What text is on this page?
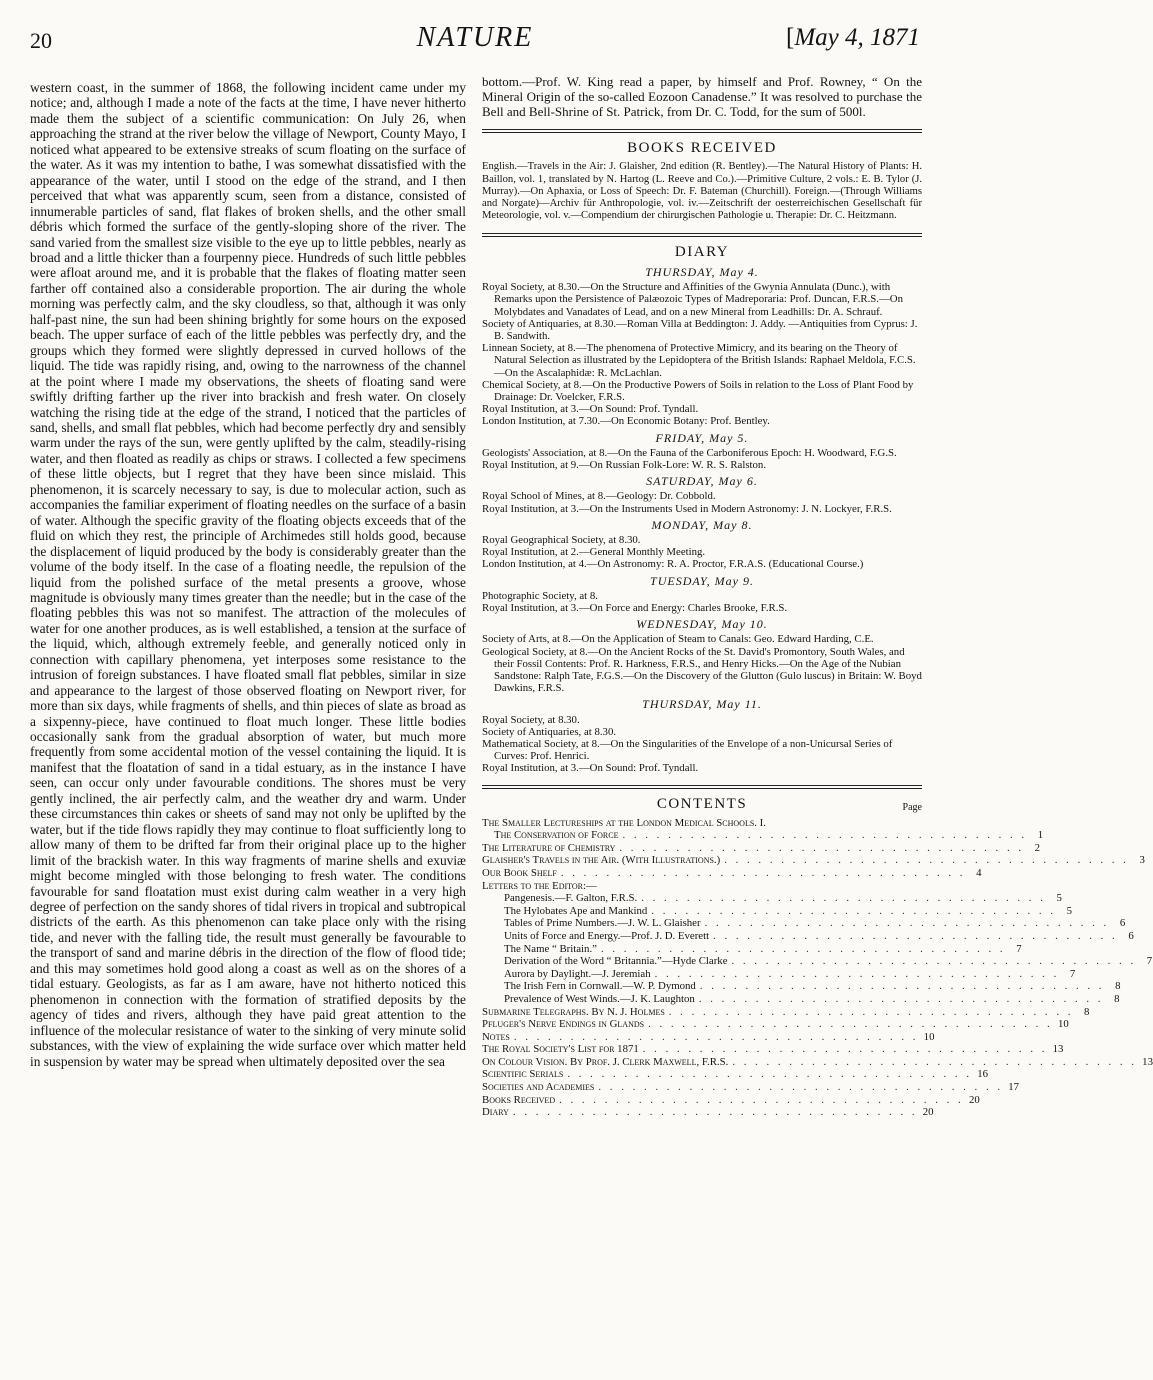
20	NATURE	[May 4, 1871

western coast, in the summer of 1868, the following incident came under my notice; and, although I made a note of the facts at the time, I have never hitherto made them the subject of a scientific communication: On July 26, when approaching the strand at the river below the village of Newport, County Mayo, I noticed what appeared to be extensive streaks of scum floating on the surface of the water. As it was my intention to bathe, I was somewhat dissatisfied with the appearance of the water, until I stood on the edge of the strand, and I then perceived that what was apparently scum, seen from a distance, consisted of innumerable particles of sand, flat flakes of broken shells, and the other small débris which formed the surface of the gently-sloping shore of the river. The sand varied from the smallest size visible to the eye up to little pebbles, nearly as broad and a little thicker than a fourpenny piece. Hundreds of such little pebbles were afloat around me, and it is probable that the flakes of floating matter seen farther off contained also a considerable proportion. The air during the whole morning was perfectly calm, and the sky cloudless, so that, although it was only half-past nine, the sun had been shining brightly for some hours on the exposed beach. The upper surface of each of the little pebbles was perfectly dry, and the groups which they formed were slightly depressed in curved hollows of the liquid. The tide was rapidly rising, and, owing to the narrowness of the channel at the point where I made my observations, the sheets of floating sand were swiftly drifting farther up the river into brackish and fresh water. On closely watching the rising tide at the edge of the strand, I noticed that the particles of sand, shells, and small flat pebbles, which had become perfectly dry and sensibly warm under the rays of the sun, were gently uplifted by the calm, steadily-rising water, and then floated as readily as chips or straws. I collected a few specimens of these little objects, but I regret that they have been since mislaid. This phenomenon, it is scarcely necessary to say, is due to molecular action, such as accompanies the familiar experiment of floating needles on the surface of a basin of water. Although the specific gravity of the floating objects exceeds that of the fluid on which they rest, the principle of Archimedes still holds good, because the displacement of liquid produced by the body is considerably greater than the volume of the body itself. In the case of a floating needle, the repulsion of the liquid from the polished surface of the metal presents a groove, whose magnitude is obviously many times greater than the needle; but in the case of the floating pebbles this was not so manifest. The attraction of the molecules of water for one another produces, as is well established, a tension at the surface of the liquid, which, although extremely feeble, and generally noticed only in connection with capillary phenomena, yet interposes some resistance to the intrusion of foreign substances. I have floated small flat pebbles, similar in size and appearance to the largest of those observed floating on Newport river, for more than six days, while fragments of shells, and thin pieces of slate as broad as a sixpenny-piece, have continued to float much longer. These little bodies occasionally sank from the gradual absorption of water, but much more frequently from some accidental motion of the vessel containing the liquid. It is manifest that the floatation of sand in a tidal estuary, as in the instance I have seen, can occur only under favourable conditions. The shores must be very gently inclined, the air perfectly calm, and the weather dry and warm. Under these circumstances thin cakes or sheets of sand may not only be uplifted by the water, but if the tide flows rapidly they may continue to float sufficiently long to allow many of them to be drifted far from their original place up to the higher limit of the brackish water. In this way fragments of marine shells and exuviæ might become mingled with those belonging to fresh water. The conditions favourable for sand floatation must exist during calm weather in a very high degree of perfection on the sandy shores of tidal rivers in tropical and subtropical districts of the earth. As this phenomenon can take place only with the rising tide, and never with the falling tide, the result must generally be favourable to the transport of sand and marine débris in the direction of the flow of flood tide; and this may sometimes hold good along a coast as well as on the shores of a tidal estuary. Geologists, as far as I am aware, have not hitherto noticed this phenomenon in connection with the formation of stratified deposits by the agency of tides and rivers, although they have paid great attention to the influence of the molecular resistance of water to the sinking of very minute solid substances, with the view of explaining the wide surface over which matter held in suspension by water may be spread when ultimately deposited over the sea

bottom.—Prof. W. King read a paper, by himself and Prof. Rowney, “ On the Mineral Origin of the so-called Eozoon Canadense.” It was resolved to purchase the Bell and Bell-Shrine of St. Patrick, from Dr. C. Todd, for the sum of 500l.

BOOKS RECEIVED

English.—Travels in the Air: J. Glaisher, 2nd edition (R. Bentley).—The Natural History of Plants: H. Baillon, vol. 1, translated by N. Hartog (L. Reeve and Co.).—Primitive Culture, 2 vols.: E. B. Tylor (J. Murray).—On Aphaxia, or Loss of Speech: Dr. F. Bateman (Churchill). Foreign.—(Through Williams and Norgate)—Archiv für Anthropologie, vol. iv.—Zeitschrift der oesterreichischen Gesellschaft für Meteorologie, vol. v.—Compendium der chirurgischen Pathologie u. Therapie: Dr. C. Heitzmann.

DIARY
THURSDAY, May 4.

Royal Society, at 8.30.—On the Structure and Affinities of the Gwynia Annulata (Dunc.), with Remarks upon the Persistence of Palæozoic Types of Madreporaria: Prof. Duncan, F.R.S.—On Molybdates and Vanadates of Lead, and on a new Mineral from Leadhills: Dr. A. Schrauf.

Society of Antiquaries, at 8.30.—Roman Villa at Beddington: J. Addy. —Antiquities from Cyprus: J. B. Sandwith.

Linnean Society, at 8.—The phenomena of Protective Mimicry, and its bearing on the Theory of Natural Selection as illustrated by the Lepidoptera of the British Islands: Raphael Meldola, F.C.S.—On the Ascalaphidæ: R. McLachlan.

Chemical Society, at 8.—On the Productive Powers of Soils in relation to the Loss of Plant Food by Drainage: Dr. Voelcker, F.R.S.

Royal Institution, at 3.—On Sound: Prof. Tyndall.

London Institution, at 7.30.—On Economic Botany: Prof. Bentley.

FRIDAY, May 5.

Geologists' Association, at 8.—On the Fauna of the Carboniferous Epoch: H. Woodward, F.G.S.

Royal Institution, at 9.—On Russian Folk-Lore: W. R. S. Ralston.

SATURDAY, May 6.

Royal School of Mines, at 8.—Geology: Dr. Cobbold.

Royal Institution, at 3.—On the Instruments Used in Modern Astronomy: J. N. Lockyer, F.R.S.

MONDAY, May 8.

Royal Geographical Society, at 8.30.

Royal Institution, at 2.—General Monthly Meeting.

London Institution, at 4.—On Astronomy: R. A. Proctor, F.R.A.S. (Educational Course.)

TUESDAY, May 9.

Photographic Society, at 8.

Royal Institution, at 3.—On Force and Energy: Charles Brooke, F.R.S.

WEDNESDAY, May 10.

Society of Arts, at 8.—On the Application of Steam to Canals: Geo. Edward Harding, C.E.

Geological Society, at 8.—On the Ancient Rocks of the St. David's Promontory, South Wales, and their Fossil Contents: Prof. R. Harkness, F.R.S., and Henry Hicks.—On the Age of the Nubian Sandstone: Ralph Tate, F.G.S.—On the Discovery of the Glutton (Gulo luscus) in Britain: W. Boyd Dawkins, F.R.S.

THURSDAY, May 11.

Royal Society, at 8.30.

Society of Antiquaries, at 8.30.

Mathematical Society, at 8.—On the Singularities of the Envelope of a non-Unicursal Series of Curves: Prof. Henrici.

Royal Institution, at 3.—On Sound: Prof. Tyndall.

CONTENTS	Page
The Smaller Lectureships at the London Medical Schools. I.
The Conservation of Force . . . . . . . . . . . . . . . . . . . . . . . . . . . . . . . . . . . . 1
The Literature of Chemistry . . . . . . . . . . . . . . . . . . . . . . . . . . . . . . . . . . . . 2
Glaisher's Travels in the Air. (With Illustrations.) . . . . . . . . . . . . . . . . . . . . . . . . . . . . . . . . . . . . 3
Our Book Shelf . . . . . . . . . . . . . . . . . . . . . . . . . . . . . . . . . . . . 4
Letters to the Editor:—
Pangenesis.—F. Galton, F.R.S. . . . . . . . . . . . . . . . . . . . . . . . . . . . . . . . . . . . . 5
The Hylobates Ape and Mankind . . . . . . . . . . . . . . . . . . . . . . . . . . . . . . . . . . . . 5
Tables of Prime Numbers.—J. W. L. Glaisher . . . . . . . . . . . . . . . . . . . . . . . . . . . . . . . . . . . . 6
Units of Force and Energy.—Prof. J. D. Everett . . . . . . . . . . . . . . . . . . . . . . . . . . . . . . . . . . . . 6
The Name “ Britain.” . . . . . . . . . . . . . . . . . . . . . . . . . . . . . . . . . . . . 7
Derivation of the Word “ Britannia.”—Hyde Clarke . . . . . . . . . . . . . . . . . . . . . . . . . . . . . . . . . . . . 7
Aurora by Daylight.—J. Jeremiah . . . . . . . . . . . . . . . . . . . . . . . . . . . . . . . . . . . . 7
The Irish Fern in Cornwall.—W. P. Dymond . . . . . . . . . . . . . . . . . . . . . . . . . . . . . . . . . . . . 8
Prevalence of West Winds.—J. K. Laughton . . . . . . . . . . . . . . . . . . . . . . . . . . . . . . . . . . . . 8
Submarine Telegraphs. By N. J. Holmes . . . . . . . . . . . . . . . . . . . . . . . . . . . . . . . . . . . . 8
Pfluger's Nerve Endings in Glands . . . . . . . . . . . . . . . . . . . . . . . . . . . . . . . . . . . . 10
Notes . . . . . . . . . . . . . . . . . . . . . . . . . . . . . . . . . . . . 10
The Royal Society's List for 1871 . . . . . . . . . . . . . . . . . . . . . . . . . . . . . . . . . . . . 13
On Colour Vision. By Prof. J. Clerk Maxwell, F.R.S. . . . . . . . . . . . . . . . . . . . . . . . . . . . . . . . . . . . . 13
Scientific Serials . . . . . . . . . . . . . . . . . . . . . . . . . . . . . . . . . . . . 16
Societies and Academies . . . . . . . . . . . . . . . . . . . . . . . . . . . . . . . . . . . . 17
Books Received . . . . . . . . . . . . . . . . . . . . . . . . . . . . . . . . . . . . 20
Diary . . . . . . . . . . . . . . . . . . . . . . . . . . . . . . . . . . . . 20
